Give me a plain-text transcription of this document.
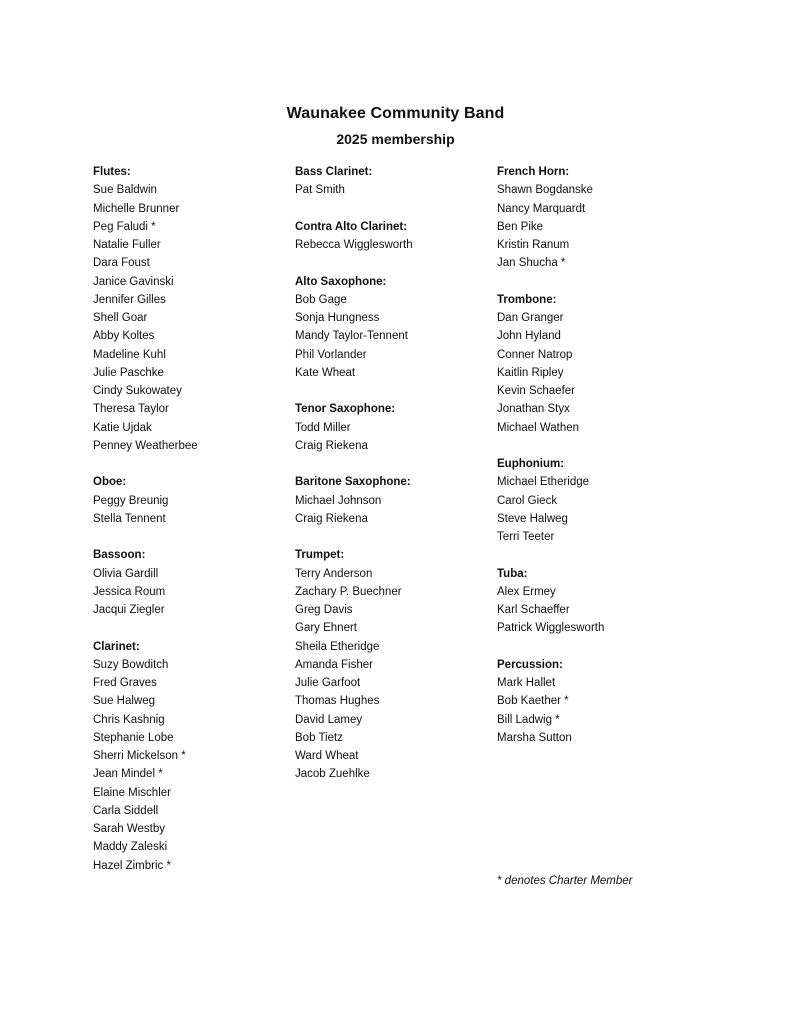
Waunakee Community Band
2025 membership
Flutes:
Sue Baldwin
Michelle Brunner
Peg Faludi *
Natalie Fuller
Dara Foust
Janice Gavinski
Jennifer Gilles
Shell Goar
Abby Koltes
Madeline Kuhl
Julie Paschke
Cindy Sukowatey
Theresa Taylor
Katie Ujdak
Penney Weatherbee
Oboe:
Peggy Breunig
Stella Tennent
Bassoon:
Olivia Gardill
Jessica Roum
Jacqui Ziegler
Clarinet:
Suzy Bowditch
Fred Graves
Sue Halweg
Chris Kashnig
Stephanie Lobe
Sherri Mickelson *
Jean Mindel *
Elaine Mischler
Carla Siddell
Sarah Westby
Maddy Zaleski
Hazel Zimbric *
Bass Clarinet:
Pat Smith
Contra Alto Clarinet:
Rebecca Wigglesworth
Alto Saxophone:
Bob Gage
Sonja Hungness
Mandy Taylor-Tennent
Phil Vorlander
Kate Wheat
Tenor Saxophone:
Todd Miller
Craig Riekena
Baritone Saxophone:
Michael Johnson
Craig Riekena
Trumpet:
Terry Anderson
Zachary P. Buechner
Greg Davis
Gary Ehnert
Sheila Etheridge
Amanda Fisher
Julie Garfoot
Thomas Hughes
David Lamey
Bob Tietz
Ward Wheat
Jacob Zuehlke
French Horn:
Shawn Bogdanske
Nancy Marquardt
Ben Pike
Kristin Ranum
Jan Shucha *
Trombone:
Dan Granger
John Hyland
Conner Natrop
Kaitlin Ripley
Kevin Schaefer
Jonathan Styx
Michael Wathen
Euphonium:
Michael Etheridge
Carol Gieck
Steve Halweg
Terri Teeter
Tuba:
Alex Ermey
Karl Schaeffer
Patrick Wigglesworth
Percussion:
Mark Hallet
Bob Kaether *
Bill Ladwig *
Marsha Sutton
* denotes Charter Member
